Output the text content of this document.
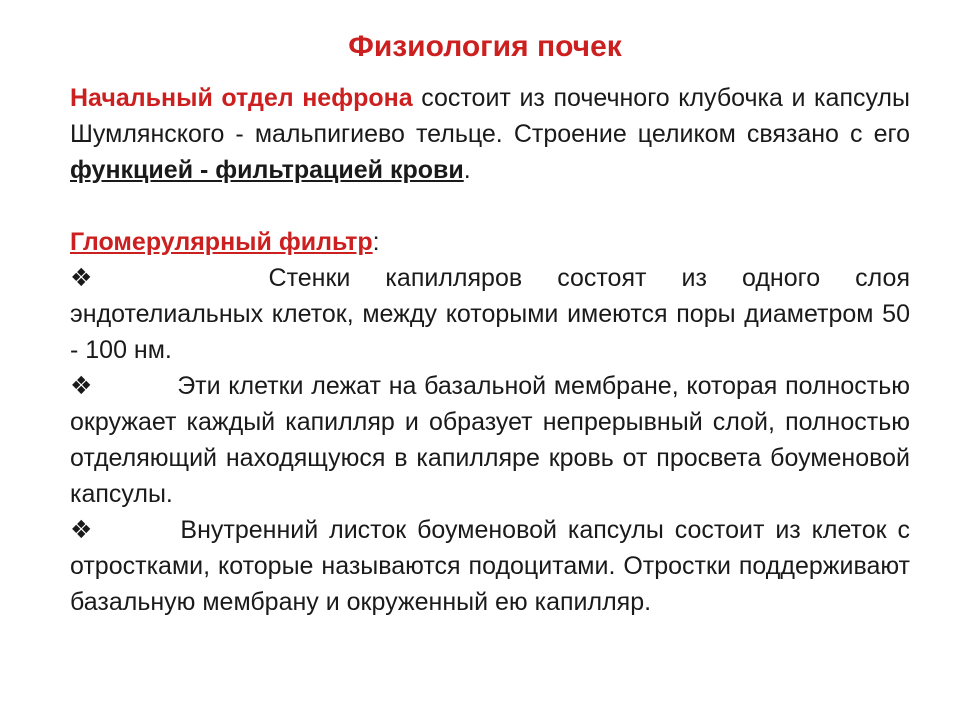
Физиология почек

Начальный отдел нефрона состоит из почечного клубочка и капсулы Шумлянского - мальпигиево тельце. Строение целиком связано с его функцией - фильтрацией крови.

Гломерулярный фильтр:

❖	Стенки капилляров состоят из одного слоя эндотелиальных клеток, между которыми имеются поры диаметром 50 - 100 нм.

❖	Эти клетки лежат на базальной мембране, которая полностью окружает каждый капилляр и образует непрерывный слой, полностью отделяющий находящуюся в капилляре кровь от просвета боуменовой капсулы.

❖	Внутренний листок боуменовой капсулы состоит из клеток с отростками, которые называются подоцитами. Отростки поддерживают базальную мембрану и окруженный ею капилляр.
